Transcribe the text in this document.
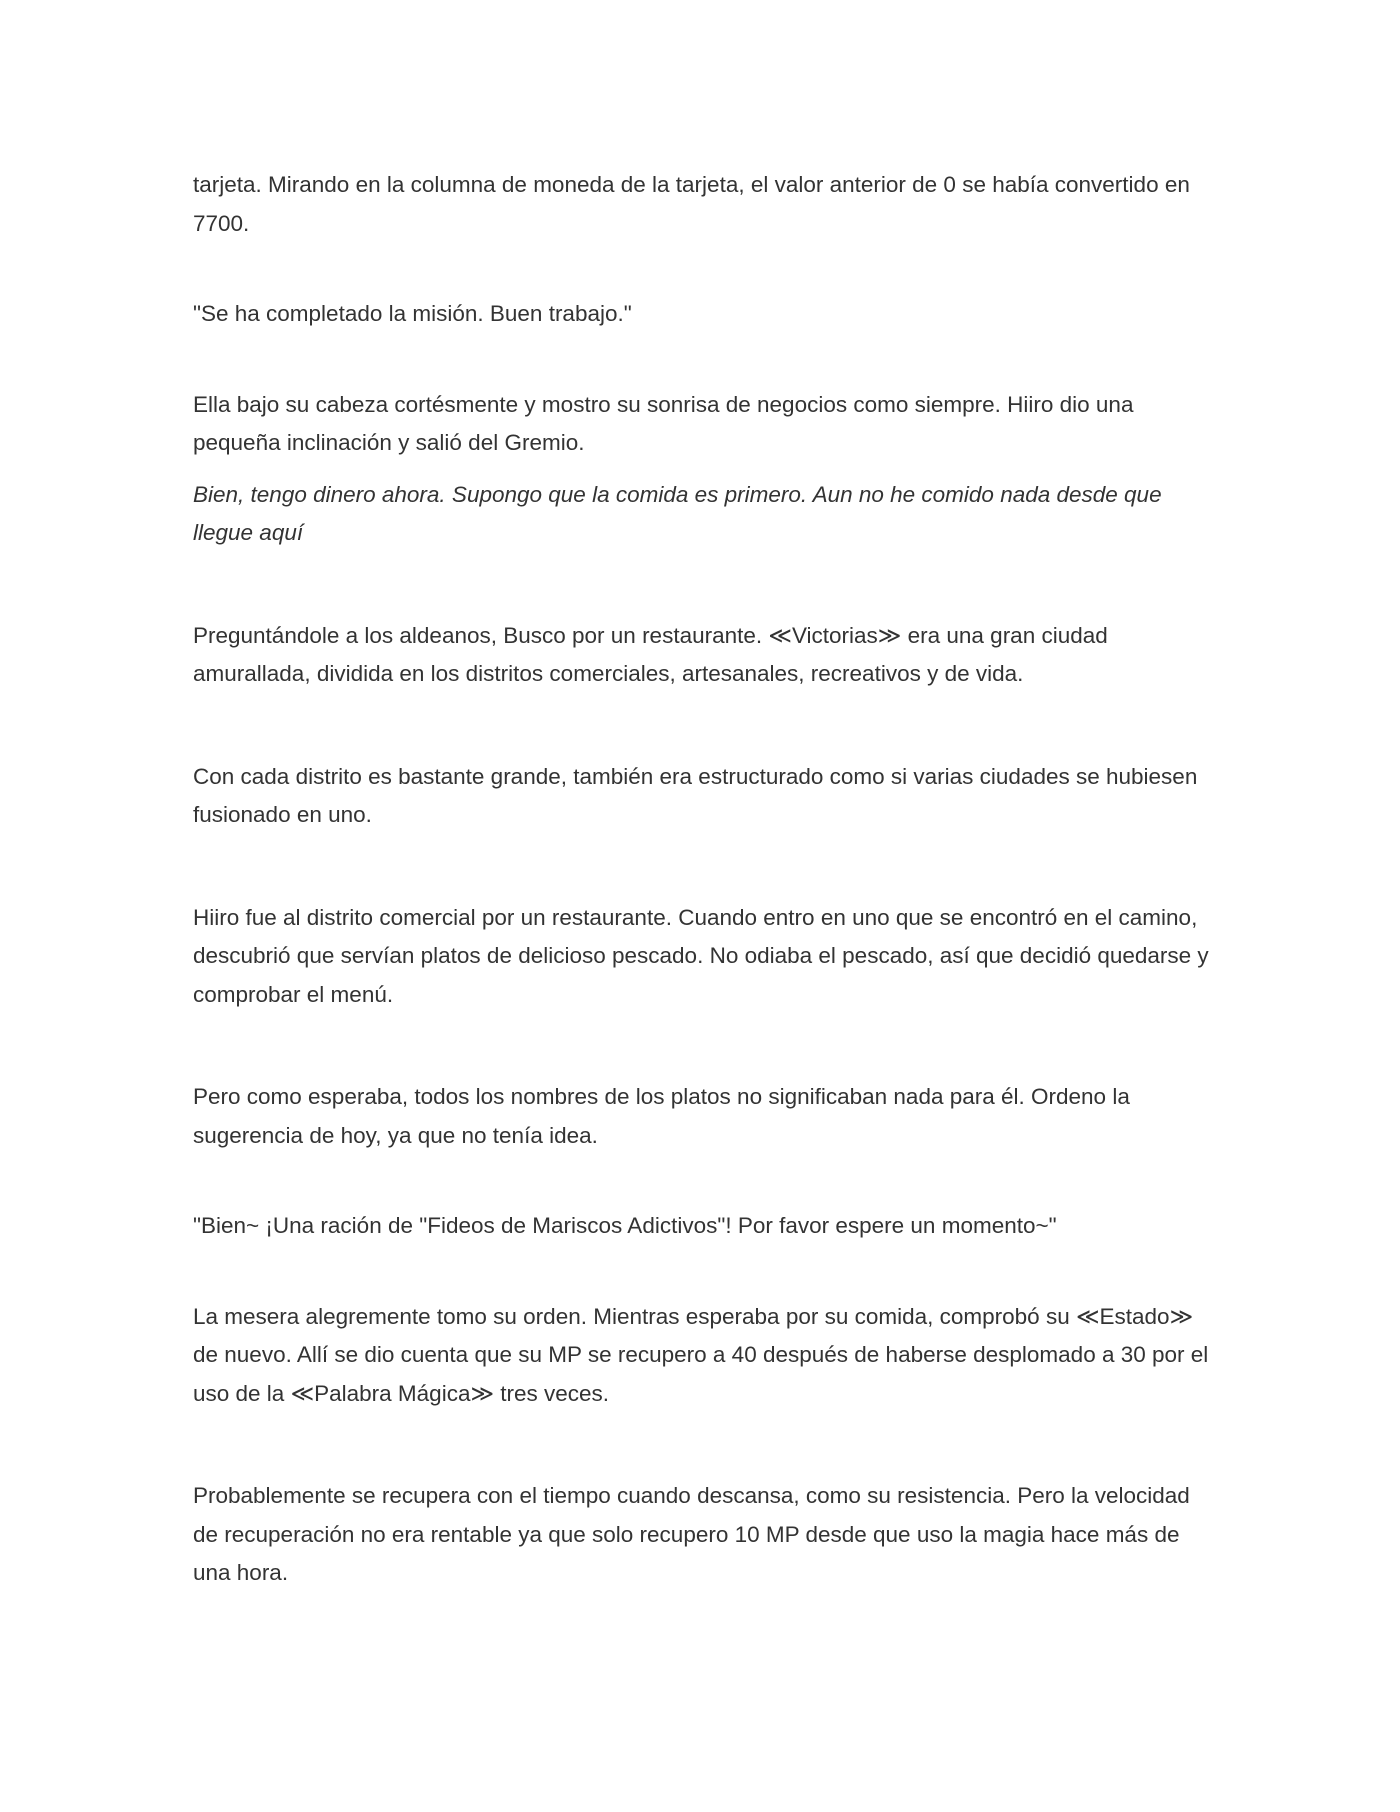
tarjeta. Mirando en la columna de moneda de la tarjeta, el valor anterior de 0 se había convertido en 7700.

"Se ha completado la misión. Buen trabajo."

Ella bajo su cabeza cortésmente y mostro su sonrisa de negocios como siempre. Hiiro dio una pequeña inclinación y salió del Gremio.

Bien, tengo dinero ahora. Supongo que la comida es primero. Aun no he comido nada desde que llegue aquí

Preguntándole a los aldeanos, Busco por un restaurante. ≪Victorias≫ era una gran ciudad amurallada, dividida en los distritos comerciales, artesanales, recreativos y de vida.

Con cada distrito es bastante grande, también era estructurado como si varias ciudades se hubiesen fusionado en uno.

Hiiro fue al distrito comercial por un restaurante. Cuando entro en uno que se encontró en el camino, descubrió que servían platos de delicioso pescado. No odiaba el pescado, así que decidió quedarse y comprobar el menú.

Pero como esperaba, todos los nombres de los platos no significaban nada para él. Ordeno la sugerencia de hoy, ya que no tenía idea.

"Bien~ ¡Una ración de "Fideos de Mariscos Adictivos"! Por favor espere un momento~"

La mesera alegremente tomo su orden. Mientras esperaba por su comida, comprobó su ≪Estado≫ de nuevo. Allí se dio cuenta que su MP se recupero a 40 después de haberse desplomado a 30 por el uso de la ≪Palabra Mágica≫ tres veces.

Probablemente se recupera con el tiempo cuando descansa, como su resistencia. Pero la velocidad de recuperación no era rentable ya que solo recupero 10 MP desde que uso la magia hace más de una hora.
